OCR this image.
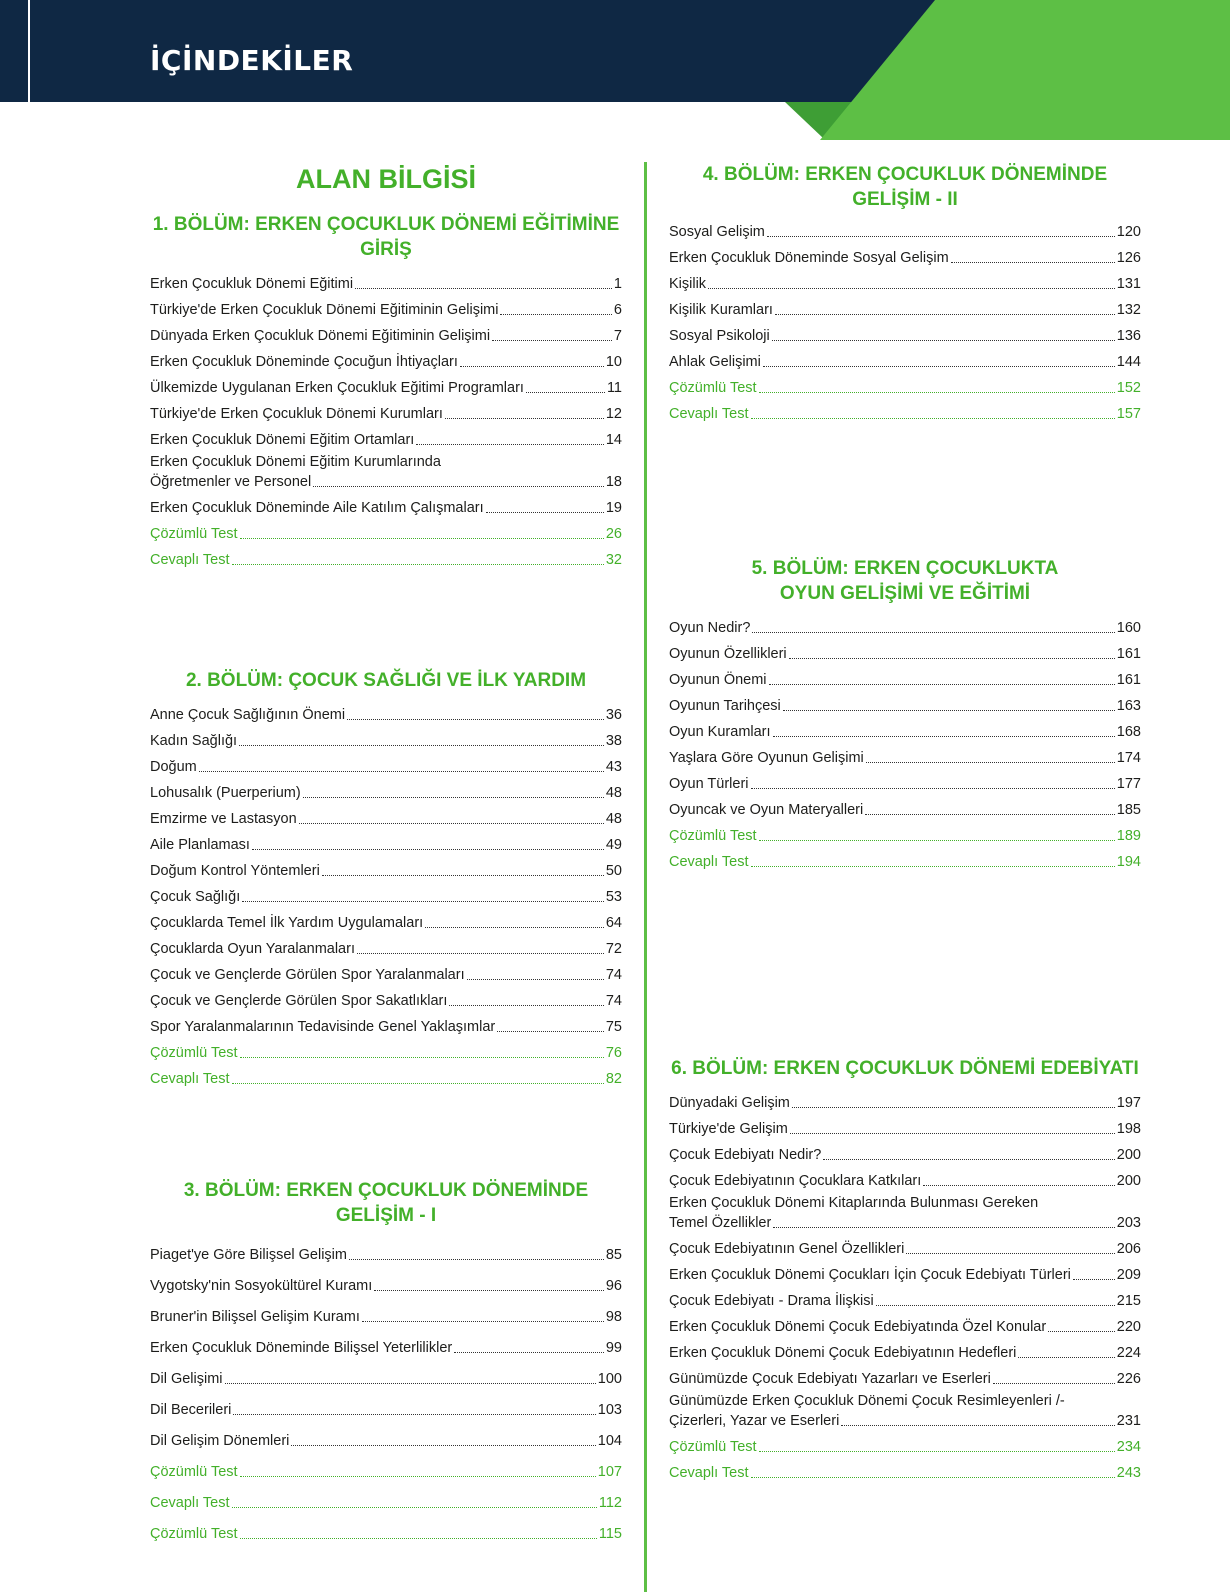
İÇİNDEKİLER
ALAN BİLGİSİ

1. BÖLÜM: ERKEN ÇOCUKLUK DÖNEMİ EĞİTİMİNE GİRİŞ

Erken Çocukluk Dönemi Eğitimi	1
Türkiye'de Erken Çocukluk Dönemi Eğitiminin Gelişimi	6
Dünyada Erken Çocukluk Dönemi Eğitiminin Gelişimi	7
Erken Çocukluk Döneminde Çocuğun İhtiyaçları	10
Ülkemizde Uygulanan Erken Çocukluk Eğitimi Programları	11
Türkiye'de Erken Çocukluk Dönemi Kurumları	12
Erken Çocukluk Dönemi Eğitim Ortamları	14
Erken Çocukluk Dönemi Eğitim Kurumlarında
Öğretmenler ve Personel	18
Erken Çocukluk Döneminde Aile Katılım Çalışmaları	19
Çözümlü Test	26
Cevaplı Test	32

2. BÖLÜM: ÇOCUK SAĞLIĞI VE İLK YARDIM

Anne Çocuk Sağlığının Önemi	36
Kadın Sağlığı	38
Doğum	43
Lohusalık (Puerperium)	48
Emzirme ve Lastasyon	48
Aile Planlaması	49
Doğum Kontrol Yöntemleri	50
Çocuk Sağlığı	53
Çocuklarda Temel İlk Yardım Uygulamaları	64
Çocuklarda Oyun Yaralanmaları	72
Çocuk ve Gençlerde Görülen Spor Yaralanmaları	74
Çocuk ve Gençlerde Görülen Spor Sakatlıkları	74
Spor Yaralanmalarının Tedavisinde Genel Yaklaşımlar	75
Çözümlü Test	76
Cevaplı Test	82

3. BÖLÜM: ERKEN ÇOCUKLUK DÖNEMİNDE GELİŞİM - I

Piaget'ye Göre Bilişsel Gelişim	85
Vygotsky'nin Sosyokültürel Kuramı	96
Bruner'in Bilişsel Gelişim Kuramı	98
Erken Çocukluk Döneminde Bilişsel Yeterlilikler	99
Dil Gelişimi	100
Dil Becerileri	103
Dil Gelişim Dönemleri	104
Çözümlü Test	107
Cevaplı Test	112
Çözümlü Test	115

4. BÖLÜM: ERKEN ÇOCUKLUK DÖNEMİNDE GELİŞİM - II

Sosyal Gelişim	120
Erken Çocukluk Döneminde Sosyal Gelişim	126
Kişilik	131
Kişilik Kuramları	132
Sosyal Psikoloji	136
Ahlak Gelişimi	144
Çözümlü Test	152
Cevaplı Test	157

5. BÖLÜM: ERKEN ÇOCUKLUKTA

OYUN GELİŞİMİ VE EĞİTİMİ

Oyun Nedir?	160
Oyunun Özellikleri	161
Oyunun Önemi	161
Oyunun Tarihçesi	163
Oyun Kuramları	168
Yaşlara Göre Oyunun Gelişimi	174
Oyun Türleri	177
Oyuncak ve Oyun Materyalleri	185
Çözümlü Test	189
Cevaplı Test	194

6. BÖLÜM: ERKEN ÇOCUKLUK DÖNEMİ EDEBİYATI

Dünyadaki Gelişim	197
Türkiye'de Gelişim	198
Çocuk Edebiyatı Nedir?	200
Çocuk Edebiyatının Çocuklara Katkıları	200
Erken Çocukluk Dönemi Kitaplarında Bulunması Gereken
Temel Özellikler	203
Çocuk Edebiyatının Genel Özellikleri	206
Erken Çocukluk Dönemi Çocukları İçin Çocuk Edebiyatı Türleri	209
Çocuk Edebiyatı - Drama İlişkisi	215
Erken Çocukluk Dönemi Çocuk Edebiyatında Özel Konular	220
Erken Çocukluk Dönemi Çocuk Edebiyatının Hedefleri	224
Günümüzde Çocuk Edebiyatı Yazarları ve Eserleri	226
Günümüzde Erken Çocukluk Dönemi Çocuk Resimleyenleri /-
Çizerleri, Yazar ve Eserleri	231
Çözümlü Test	234
Cevaplı Test	243
